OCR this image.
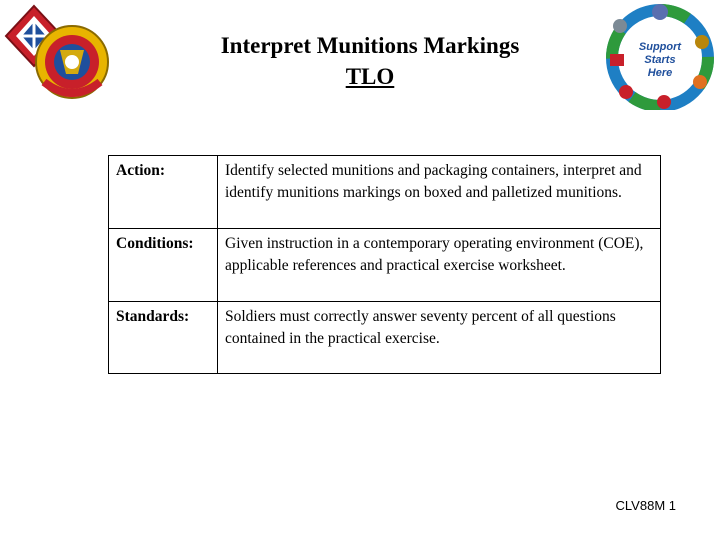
Interpret Munitions Markings
TLO
Support
Starts
Here
Action:	Identify selected munitions and packaging containers, interpret and identify munitions markings on boxed and palletized munitions.
Conditions:	Given instruction in a contemporary operating environment (COE), applicable references and practical exercise worksheet.
Standards:	Soldiers must correctly answer seventy percent of all questions contained in the practical exercise.
CLV88M 1
